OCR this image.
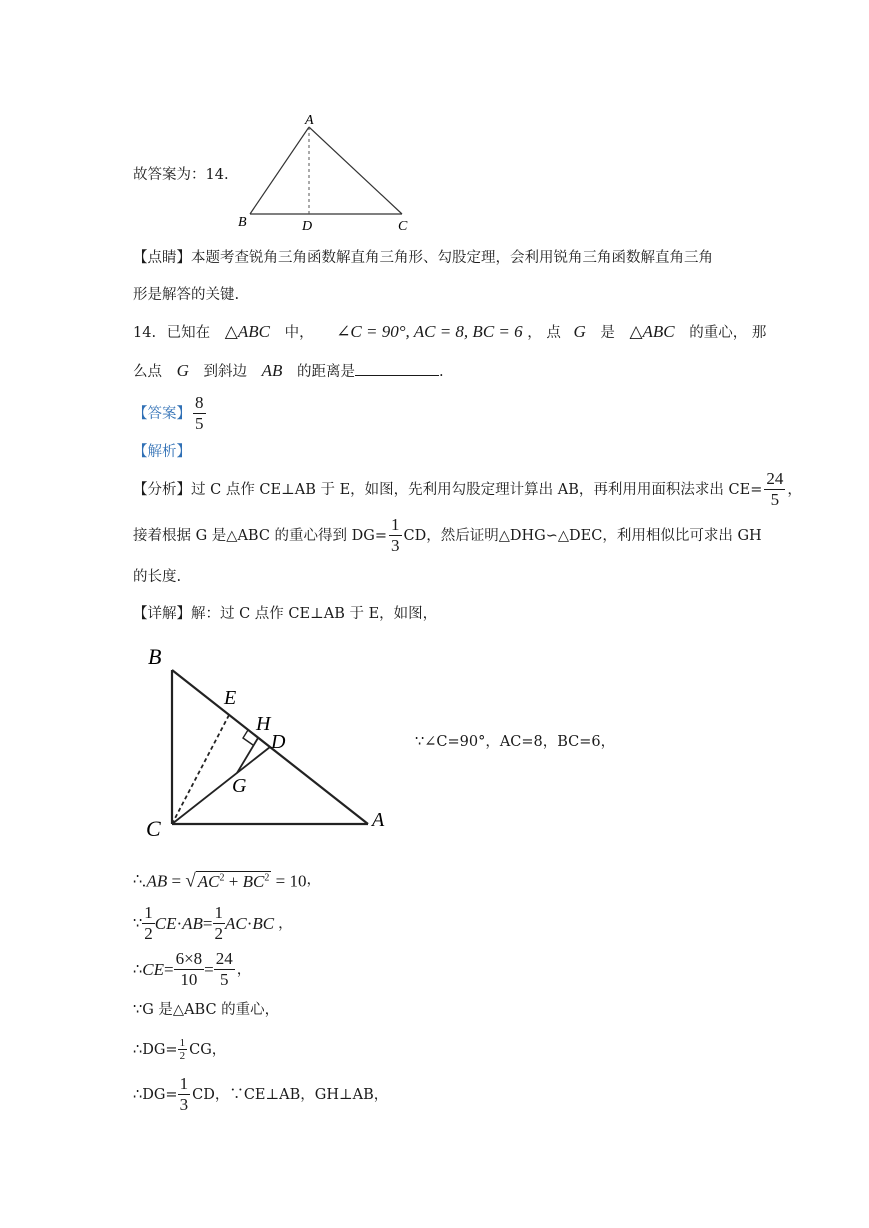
A
B	D	C
故答案为：14.
【点睛】本题考查锐角三角函数解直角三角形、勾股定理，会利用锐角三角函数解直角三角
形是解答的关键.
14. 已知在 △ABC 中， ∠C = 90°, AC = 8, BC = 6 ， 点 G 是 △ABC 的重心， 那
么点 G 到斜边 AB 的距离是	.
【答案】 $\frac{8}{5}$
【解析】
【分析】 过 C 点作 CE⊥AB 于 E，如图，先利用勾股定理计算出 AB，再利用用面积法求出 $CE= \frac{24}{5}$ ，
接着根据 G 是△ABC 的重心得到 $DG= \frac{1}{3}$ CD，然后证明△DHG∽△DEC，利用相似比可求出 GH
的长度.
【详解】解：过 C 点作 CE⊥AB 于 E，如图，
B
E
H
D
G
C	A
∵∠C=90°，AC=8，BC=6，
∴ .AB = √ $AC^2 + BC^2 = 10$ ，
∵ $\frac{1}{2}$ CE · AB = $\frac{1}{2}$ AC · BC ，
∴ CE = $\frac{6\times 8}{10} = \frac{24}{5}$ ，
∵G 是△ABC 的重心，
∴DG= $\frac{1}{2}$ CG，
∴DG= $\frac{1}{3}$ CD，∵CE⊥AB，GH⊥AB，
